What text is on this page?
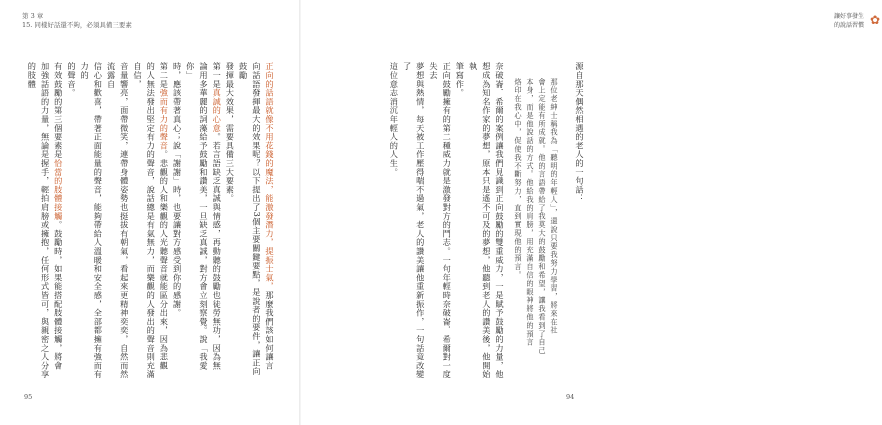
第 3 章
15. 同樣好話還不夠，必須具備三要素
正向的話語就像不用花錢的魔法，能激發潛力，提振士氣，那麼我們該如何讓言
向話語發揮最大的效果呢？以下提出了3個主要關鍵要點，是說者的要件，讓正向鼓勵
發揮最大效果，需要具備三大要素。
第一是真誠的心意。若言語缺乏真誠與情感，再動聽的鼓勵也徒勞無功，因為無
論用多華麗的詞藻給予鼓勵和讚美，一旦缺乏真誠，對方會立刻察覺。說「我愛你」
時，應該帶著真心；說「謝謝」時，也要讓對方感受到你的感謝。
第二是強而有力的聲音。悲觀的人和樂觀的人光聽聲音就能區分出來，因為悲觀
的人無法發出堅定有力的聲音，說話總是有氣無力，而樂觀的人發出的聲音則充滿自信，
音量響亮，面帶微笑，連帶身體姿勢也挺拔有朝氣，看起來更精神奕奕，自然而然流露自
信心和歡喜，帶著正面能量的聲音，能夠帶給人溫暖和安全感，全部都擁有強而有力的
的聲音。
有效鼓勵的第三個要素是恰當的肢體接觸。鼓勵時，如果能搭配肢體接觸，將會
加強話語的力量，無論是握手，輕拍肩膀或擁抱，任何形式皆可，與親密之人分享的肢體
95
讓好事發生的說話習慣 ✿
源自那天偶然相遇的老人的一句話：
那位老紳士稱我為「聽明的年輕人」，還說只要我努力學習，將來在社
會上定能有所成就。他的言語帶給了我莫大的鼓勵和希望，讓我看到了自己
本身，而是他說話的方式。他給我的肩膀，用充滿自信的眼神將他的預言
烙印在我心中，促使我不斷努力，直到實現他的預言。
奈破崙．希爾的案例讓我們見識到正向鼓勵的雙重威力，一是賦予鼓勵的力量，他
想成為知名作家的夢想，原本只是遙不可及的夢想，他聽到老人的讚美後，他開始執
筆寫作。
正向鼓勵擁有的第二種威力就是激發對方的鬥志。一句年輕時奈破崙．希爾對一度失去
夢想與熱情，每天被工作壓得喘不過氣，老人的讚美讓他重新振作，一句話竟改變了
這位意志消沉年輕人的人生。
94
